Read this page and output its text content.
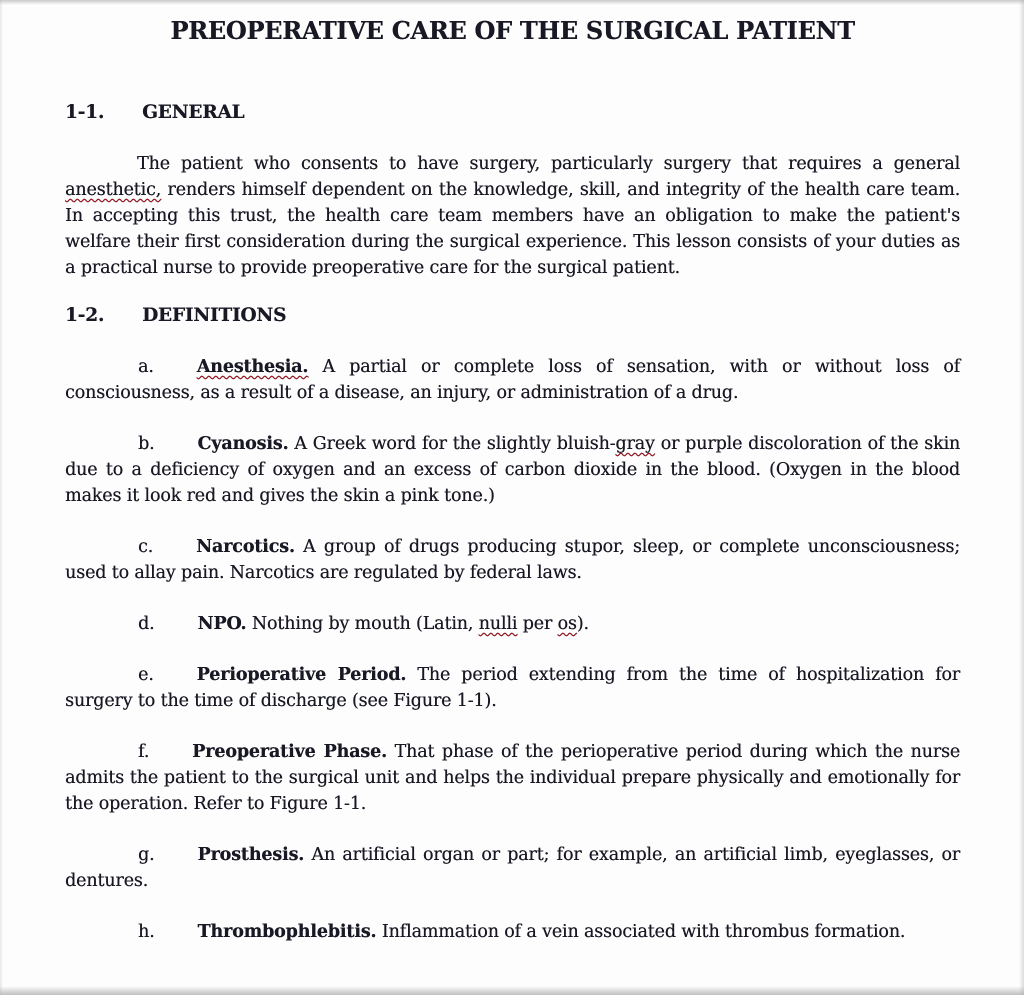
PREOPERATIVE CARE OF THE SURGICAL PATIENT
1-1. GENERAL

The patient who consents to have surgery, particularly surgery that requires a general anesthetic, renders himself dependent on the knowledge, skill, and integrity of the health care team. In accepting this trust, the health care team members have an obligation to make the patient's welfare their first consideration during the surgical experience. This lesson consists of your duties as a practical nurse to provide preoperative care for the surgical patient.

1-2. DEFINITIONS

a. Anesthesia. A partial or complete loss of sensation, with or without loss of consciousness, as a result of a disease, an injury, or administration of a drug.

b. Cyanosis. A Greek word for the slightly bluish-gray or purple discoloration of the skin due to a deficiency of oxygen and an excess of carbon dioxide in the blood. (Oxygen in the blood makes it look red and gives the skin a pink tone.)

c. Narcotics. A group of drugs producing stupor, sleep, or complete unconsciousness; used to allay pain. Narcotics are regulated by federal laws.

d. NPO. Nothing by mouth (Latin, nulli per os).

e. Perioperative Period. The period extending from the time of hospitalization for surgery to the time of discharge (see Figure 1-1).

f. Preoperative Phase. That phase of the perioperative period during which the nurse admits the patient to the surgical unit and helps the individual prepare physically and emotionally for the operation. Refer to Figure 1-1.

g. Prosthesis. An artificial organ or part; for example, an artificial limb, eyeglasses, or dentures.

h. Thrombophlebitis. Inflammation of a vein associated with thrombus formation.
